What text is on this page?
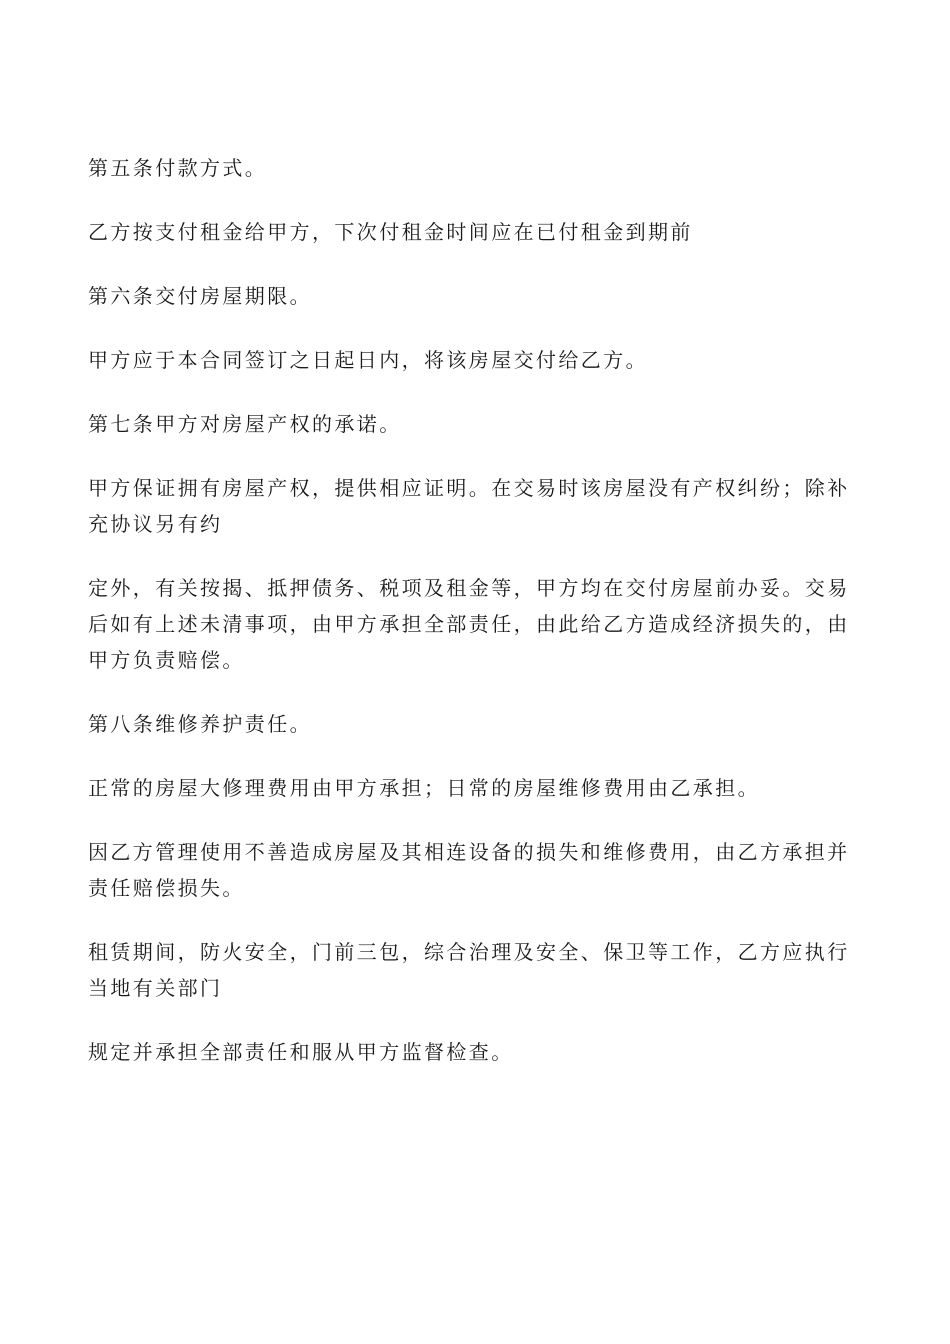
第五条付款方式。

乙方按支付租金给甲方，下次付租金时间应在已付租金到期前

第六条交付房屋期限。

甲方应于本合同签订之日起日内，将该房屋交付给乙方。

第七条甲方对房屋产权的承诺。

甲方保证拥有房屋产权，提供相应证明。在交易时该房屋没有产权纠纷；除补充协议另有约

定外，有关按揭、抵押债务、税项及租金等，甲方均在交付房屋前办妥。交易后如有上述未清事项，由甲方承担全部责任，由此给乙方造成经济损失的，由甲方负责赔偿。

第八条维修养护责任。

正常的房屋大修理费用由甲方承担；日常的房屋维修费用由乙承担。

因乙方管理使用不善造成房屋及其相连设备的损失和维修费用，由乙方承担并责任赔偿损失。

租赁期间，防火安全，门前三包，综合治理及安全、保卫等工作，乙方应执行当地有关部门

规定并承担全部责任和服从甲方监督检查。
